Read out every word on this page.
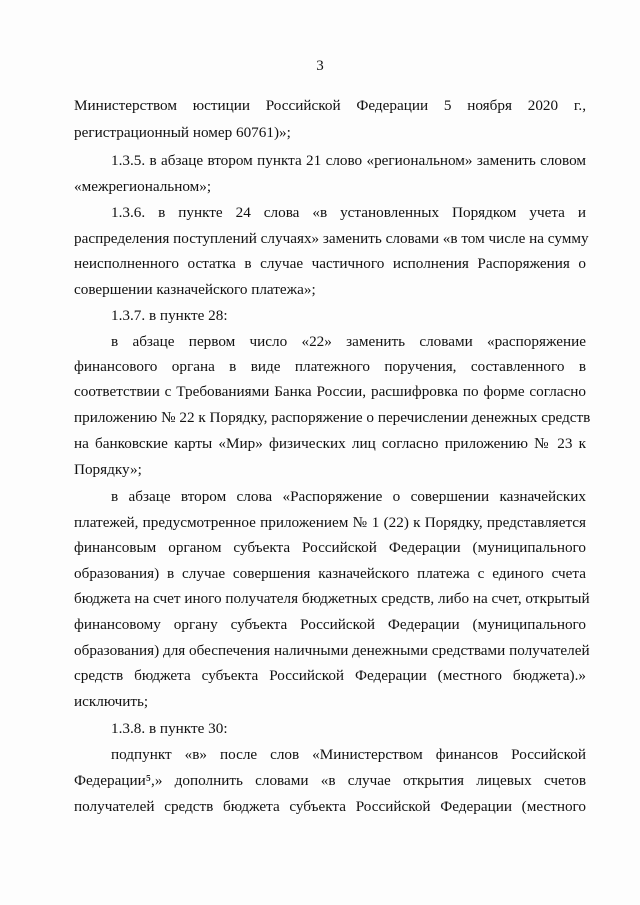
3
Министерством юстиции Российской Федерации 5 ноября 2020 г.,
регистрационный номер 60761)»;
1.3.5. в абзаце втором пункта 21 слово «региональном» заменить словом
«межрегиональном»;
1.3.6. в пункте 24 слова «в установленных Порядком учета и
распределения поступлений случаях» заменить словами «в том числе на сумму
неисполненного остатка в случае частичного исполнения Распоряжения о
совершении казначейского платежа»;
1.3.7. в пункте 28:
в абзаце первом число «22» заменить словами «распоряжение
финансового органа в виде платежного поручения, составленного в
соответствии с Требованиями Банка России, расшифровка по форме согласно
приложению № 22 к Порядку, распоряжение о перечислении денежных средств
на банковские карты «Мир» физических лиц согласно приложению № 23 к
Порядку»;
в абзаце втором слова «Распоряжение о совершении казначейских
платежей, предусмотренное приложением № 1 (22) к Порядку, представляется
финансовым органом субъекта Российской Федерации (муниципального
образования) в случае совершения казначейского платежа с единого счета
бюджета на счет иного получателя бюджетных средств, либо на счет, открытый
финансовому органу субъекта Российской Федерации (муниципального
образования) для обеспечения наличными денежными средствами получателей
средств бюджета субъекта Российской Федерации (местного бюджета).»
исключить;
1.3.8. в пункте 30:
подпункт «в» после слов «Министерством финансов Российской
Федерации⁵,» дополнить словами «в случае открытия лицевых счетов
получателей средств бюджета субъекта Российской Федерации (местного
